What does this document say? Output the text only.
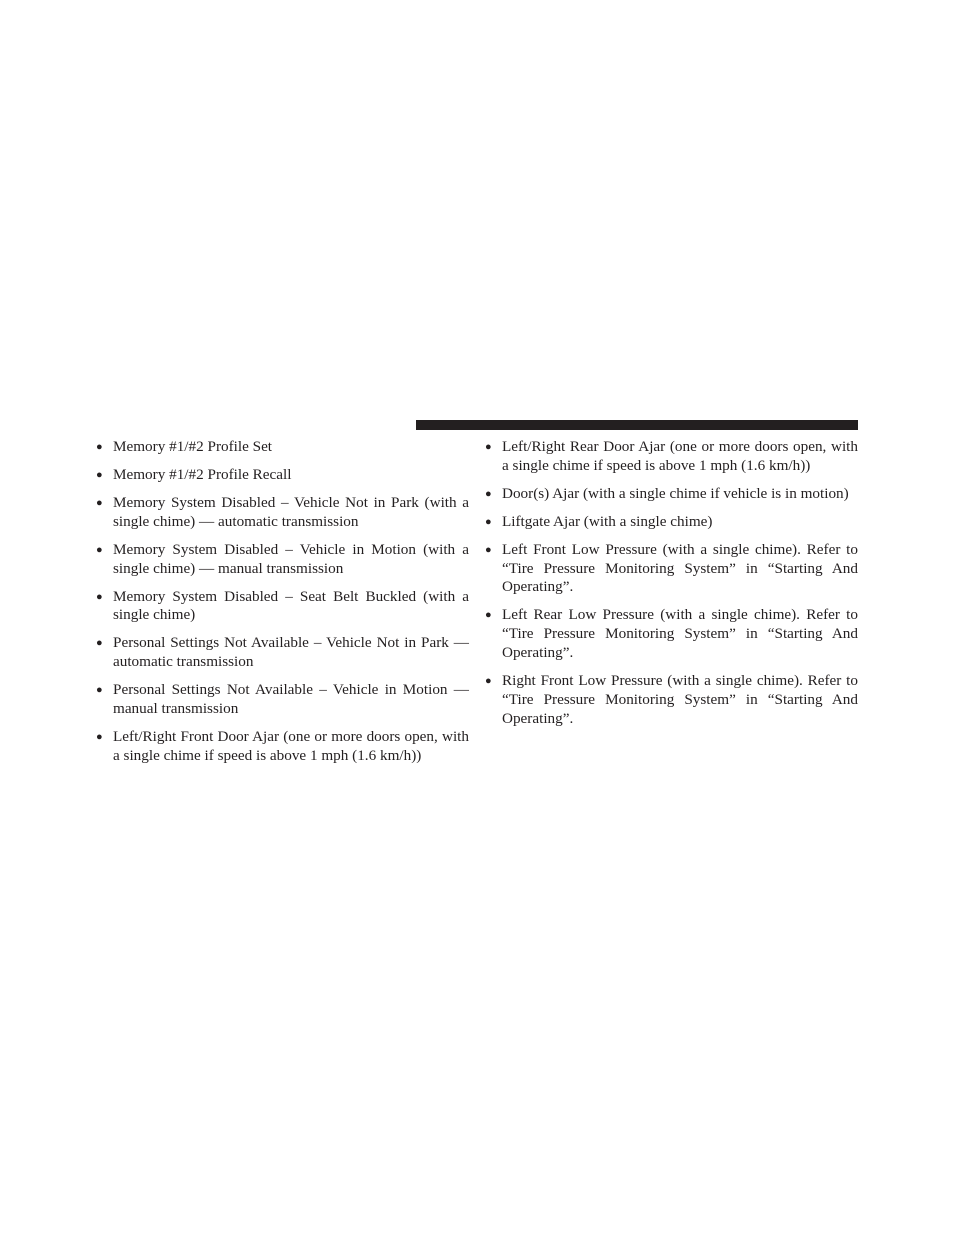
● Memory #1/#2 Profile Set
● Memory #1/#2 Profile Recall
● Memory System Disabled – Vehicle Not in Park (with a single chime) — automatic transmission
● Memory System Disabled – Vehicle in Motion (with a single chime) — manual transmission
● Memory System Disabled – Seat Belt Buckled (with a single chime)
● Personal Settings Not Available – Vehicle Not in Park — automatic transmission
● Personal Settings Not Available – Vehicle in Motion — manual transmission
● Left/Right Front Door Ajar (one or more doors open, with a single chime if speed is above 1 mph (1.6 km/h))
● Left/Right Rear Door Ajar (one or more doors open, with a single chime if speed is above 1 mph (1.6 km/h))
● Door(s) Ajar (with a single chime if vehicle is in motion)
● Liftgate Ajar (with a single chime)
● Left Front Low Pressure (with a single chime). Refer to “Tire Pressure Monitoring System” in “Starting And Operating”.
● Left Rear Low Pressure (with a single chime). Refer to “Tire Pressure Monitoring System” in “Starting And Operating”.
● Right Front Low Pressure (with a single chime). Refer to “Tire Pressure Monitoring System” in “Starting And Operating”.
